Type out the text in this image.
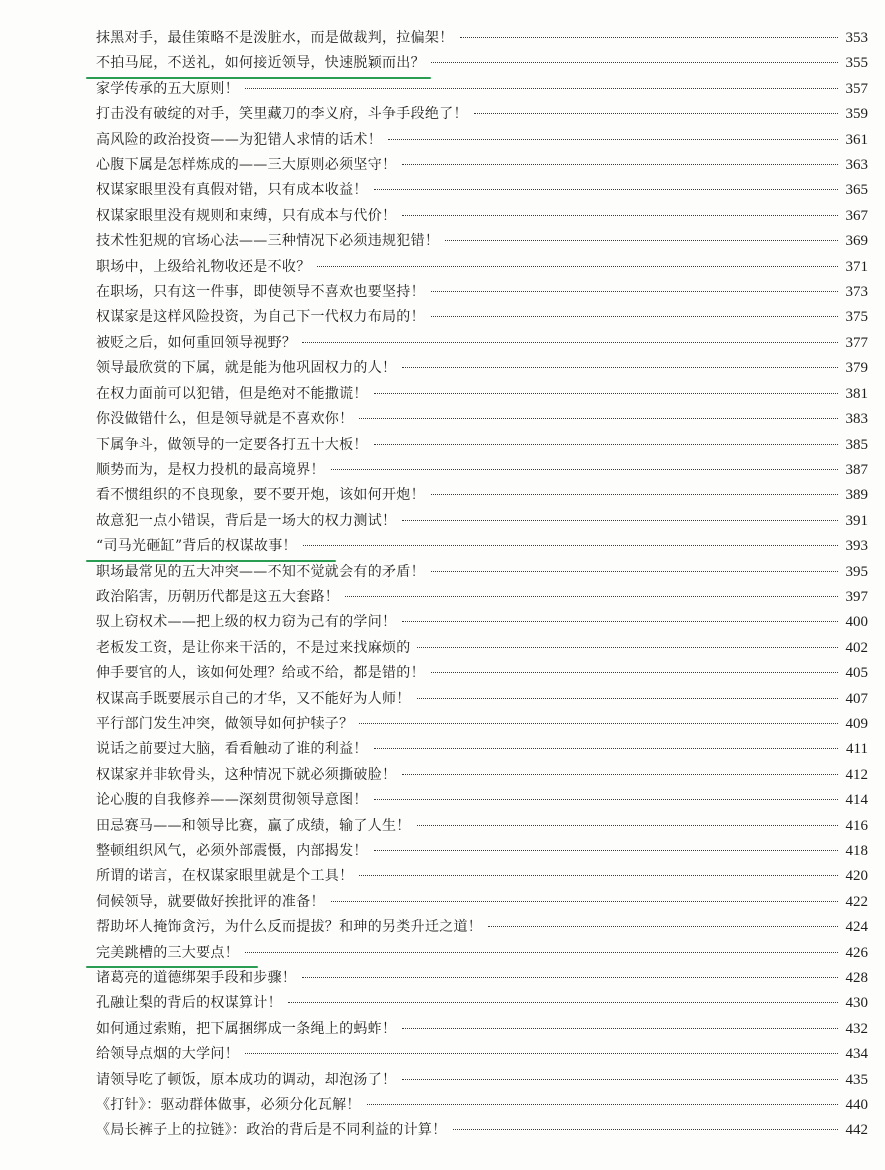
抹黑对手，最佳策略不是泼脏水，而是做裁判，拉偏架！	353
不拍马屁，不送礼，如何接近领导，快速脱颖而出？	355
家学传承的五大原则！	357
打击没有破绽的对手，笑里藏刀的李义府，斗争手段绝了！	359
高风险的政治投资——为犯错人求情的话术！	361
心腹下属是怎样炼成的——三大原则必须坚守！	363
权谋家眼里没有真假对错，只有成本收益！	365
权谋家眼里没有规则和束缚，只有成本与代价！	367
技术性犯规的官场心法——三种情况下必须违规犯错！	369
职场中，上级给礼物收还是不收？	371
在职场，只有这一件事，即使领导不喜欢也要坚持！	373
权谋家是这样风险投资，为自己下一代权力布局的！	375
被贬之后，如何重回领导视野？	377
领导最欣赏的下属，就是能为他巩固权力的人！	379
在权力面前可以犯错，但是绝对不能撒谎！	381
你没做错什么，但是领导就是不喜欢你！	383
下属争斗，做领导的一定要各打五十大板！	385
顺势而为，是权力投机的最高境界！	387
看不惯组织的不良现象，要不要开炮，该如何开炮！	389
故意犯一点小错误，背后是一场大的权力测试！	391
“司马光砸缸”背后的权谋故事！	393
职场最常见的五大冲突——不知不觉就会有的矛盾！	395
政治陷害，历朝历代都是这五大套路！	397
驭上窃权术——把上级的权力窃为己有的学问！	400
老板发工资，是让你来干活的，不是过来找麻烦的	402
伸手要官的人，该如何处理？给或不给，都是错的！	405
权谋高手既要展示自己的才华，又不能好为人师！	407
平行部门发生冲突，做领导如何护犊子？	409
说话之前要过大脑，看看触动了谁的利益！	411
权谋家并非软骨头，这种情况下就必须撕破脸！	412
论心腹的自我修养——深刻贯彻领导意图！	414
田忌赛马——和领导比赛，赢了成绩，输了人生！	416
整顿组织风气，必须外部震慑，内部揭发！	418
所谓的诺言，在权谋家眼里就是个工具！	420
伺候领导，就要做好挨批评的准备！	422
帮助坏人掩饰贪污，为什么反而提拔？和珅的另类升迁之道！	424
完美跳槽的三大要点！	426
诸葛亮的道德绑架手段和步骤！	428
孔融让梨的背后的权谋算计！	430
如何通过索贿，把下属捆绑成一条绳上的蚂蚱！	432
给领导点烟的大学问！	434
请领导吃了顿饭，原本成功的调动，却泡汤了！	435
《打针》：驱动群体做事，必须分化瓦解！	440
《局长裤子上的拉链》：政治的背后是不同利益的计算！	442
